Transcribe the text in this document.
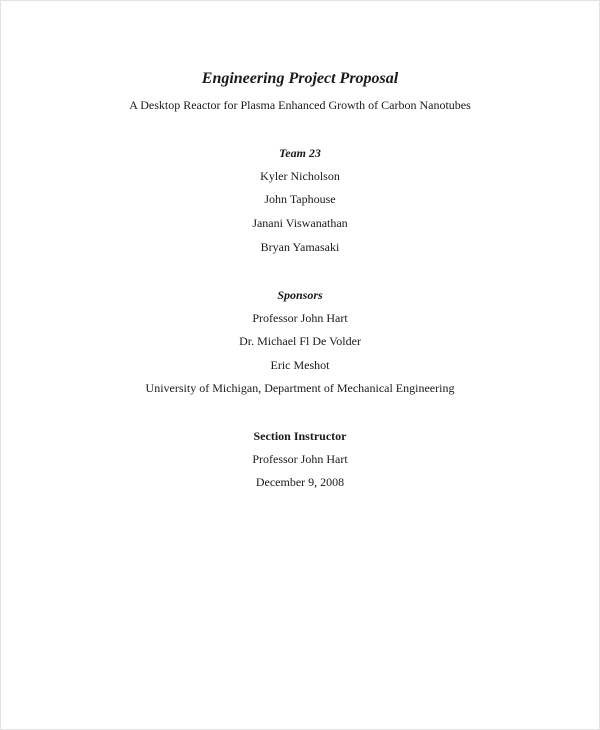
Engineering Project Proposal
A Desktop Reactor for Plasma Enhanced Growth of Carbon Nanotubes
Team 23
Kyler Nicholson
John Taphouse
Janani Viswanathan
Bryan Yamasaki
Sponsors
Professor John Hart
Dr. Michael Fl De Volder
Eric Meshot
University of Michigan, Department of Mechanical Engineering
Section Instructor
Professor John Hart
December 9, 2008
